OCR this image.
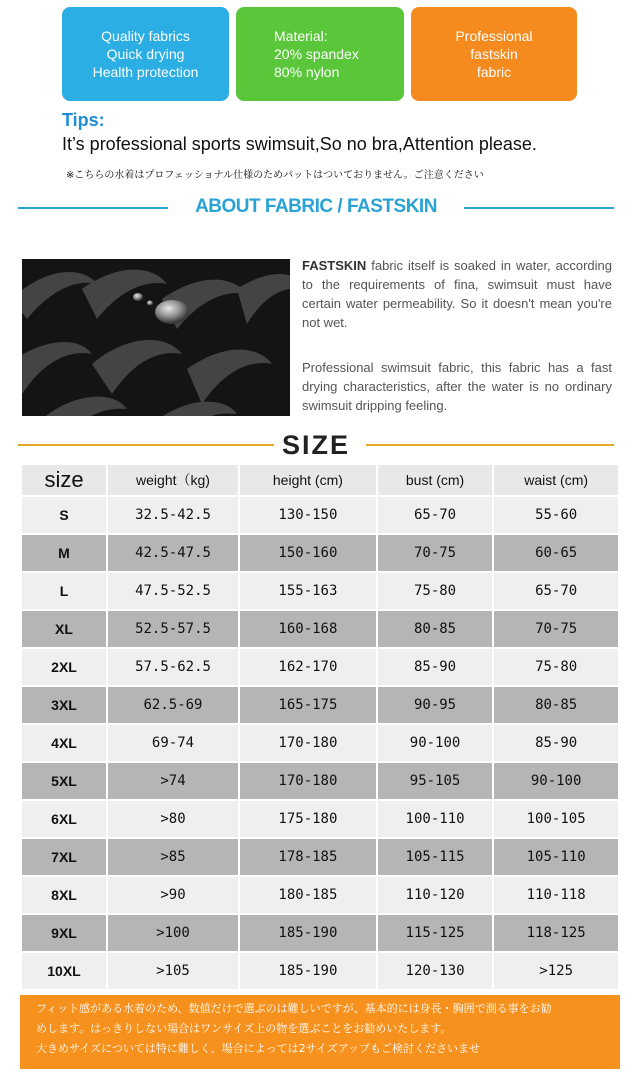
Quality fabrics
Quick drying
Health protection
Material:
20% spandex
80% nylon
Professional
fastskin
fabric
Tips:
It’s professional sports swimsuit,So no bra,Attention please.
※こちらの水着はプロフェッショナル仕様のためパットはついておりません。ご注意ください
ABOUT FABRIC / FASTSKIN
FASTSKIN fabric itself is soaked in water, according to the requirements of fina, swimsuit must have certain water permeability. So it doesn't mean you're not wet.
Professional swimsuit fabric, this fabric has a fast drying characteristics, after the water is no ordinary swimsuit dripping feeling.
SIZE
size	weight（kg)	height (cm)	bust (cm)	waist (cm)
S	32.5-42.5	130-150	65-70	55-60
M	42.5-47.5	150-160	70-75	60-65
L	47.5-52.5	155-163	75-80	65-70
XL	52.5-57.5	160-168	80-85	70-75
2XL	57.5-62.5	162-170	85-90	75-80
3XL	62.5-69	165-175	90-95	80-85
4XL	69-74	170-180	90-100	85-90
5XL	>74	170-180	95-105	90-100
6XL	>80	175-180	100-110	100-105
7XL	>85	178-185	105-115	105-110
8XL	>90	180-185	110-120	110-118
9XL	>100	185-190	115-125	118-125
10XL	>105	185-190	120-130	>125
フィット感がある水着のため、数値だけで選ぶのは難しいですが、基本的には身長・胸囲で測る事をお勧
めします。はっきりしない場合はワンサイズ上の物を選ぶことをお勧めいたします。
大きめサイズについては特に難しく、場合によっては2サイズアップもご検討くださいませ
